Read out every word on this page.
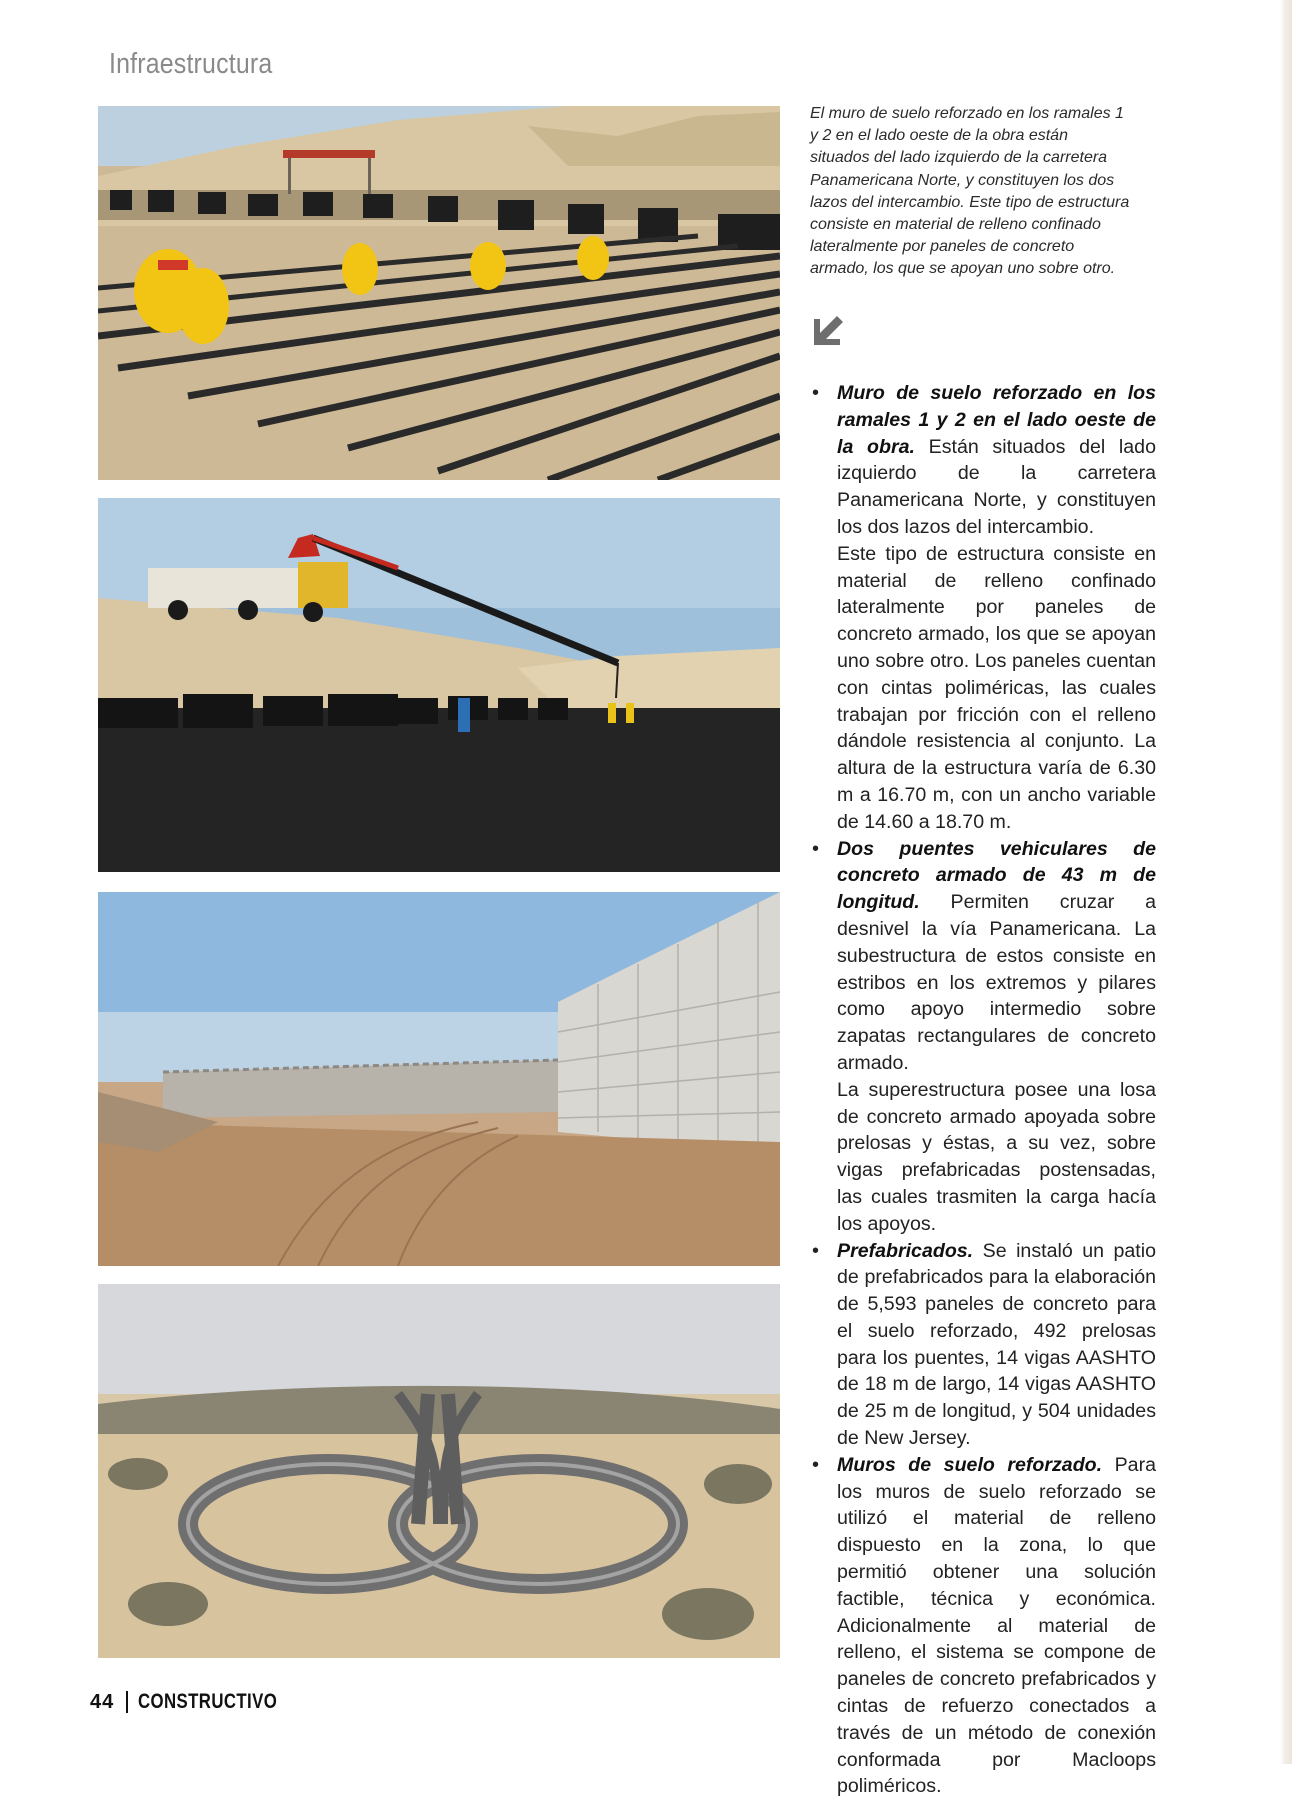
Infraestructura
El muro de suelo reforzado en los ramales 1 y 2 en el lado oeste de la obra están situados del lado izquierdo de la carretera Panamericana Norte, y constituyen los dos lazos del intercambio. Este tipo de estructura consiste en material de relleno confinado lateralmente por paneles de concreto armado, los que se apoyan uno sobre otro.

• Muro de suelo reforzado en los ramales 1 y 2 en el lado oeste de la obra. Están situados del lado izquierdo de la carretera Panamericana Norte, y constituyen los dos lazos del intercambio.

Este tipo de estructura consiste en material de relleno confinado lateralmente por paneles de concreto armado, los que se apoyan uno sobre otro. Los paneles cuentan con cintas poliméricas, las cuales trabajan por fricción con el relleno dándole resistencia al conjunto. La altura de la estructura varía de 6.30 m a 16.70 m, con un ancho variable de 14.60 a 18.70 m.

• Dos puentes vehiculares de concreto armado de 43 m de longitud. Permiten cruzar a desnivel la vía Panamericana. La subestructura de estos consiste en estribos en los extremos y pilares como apoyo intermedio sobre zapatas rectangulares de concreto armado.

La superestructura posee una losa de concreto armado apoyada sobre prelosas y éstas, a su vez, sobre vigas prefabricadas postensadas, las cuales trasmiten la carga hacía los apoyos.

• Prefabricados. Se instaló un patio de prefabricados para la elaboración de 5,593 paneles de concreto para el suelo reforzado, 492 prelosas para los puentes, 14 vigas AASHTO de 18 m de largo, 14 vigas AASHTO de 25 m de longitud, y 504 unidades de New Jersey.

• Muros de suelo reforzado. Para los muros de suelo reforzado se utilizó el material de relleno dispuesto en la zona, lo que permitió obtener una solución factible, técnica y económica. Adicionalmente al material de relleno, el sistema se compone de paneles de concreto prefabricados y cintas de refuerzo conectados a través de un método de conexión conformada por Macloops poliméricos.

44 CONSTRUCTIVO
